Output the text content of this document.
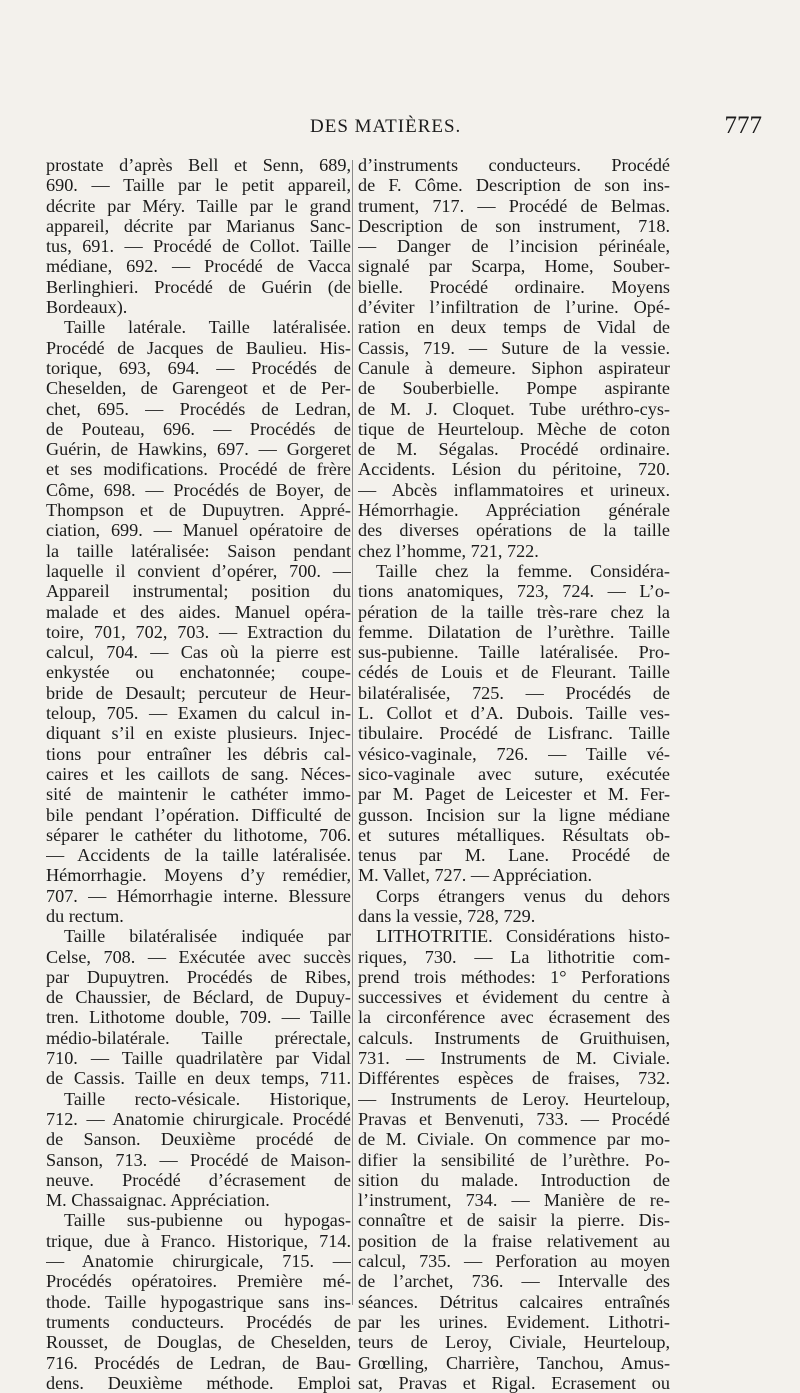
DES MATIÈRES.	777
prostate d’après Bell et Senn, 689,
690. — Taille par le petit appareil,
décrite par Méry. Taille par le grand
appareil, décrite par Marianus Sanc-
tus, 691. — Procédé de Collot. Taille
médiane, 692. — Procédé de Vacca
Berlinghieri. Procédé de Guérin (de
Bordeaux).
Taille latérale. Taille latéralisée.
Procédé de Jacques de Baulieu. His-
torique, 693, 694. — Procédés de
Cheselden, de Garengeot et de Per-
chet, 695. — Procédés de Ledran,
de Pouteau, 696. — Procédés de
Guérin, de Hawkins, 697. — Gorgeret
et ses modifications. Procédé de frère
Côme, 698. — Procédés de Boyer, de
Thompson et de Dupuytren. Appré-
ciation, 699. — Manuel opératoire de
la taille latéralisée: Saison pendant
laquelle il convient d’opérer, 700. —
Appareil instrumental; position du
malade et des aides. Manuel opéra-
toire, 701, 702, 703. — Extraction du
calcul, 704. — Cas où la pierre est
enkystée ou enchatonnée; coupe-
bride de Desault; percuteur de Heur-
teloup, 705. — Examen du calcul in-
diquant s’il en existe plusieurs. Injec-
tions pour entraîner les débris cal-
caires et les caillots de sang. Néces-
sité de maintenir le cathéter immo-
bile pendant l’opération. Difficulté de
séparer le cathéter du lithotome, 706.
— Accidents de la taille latéralisée.
Hémorrhagie. Moyens d’y remédier,
707. — Hémorrhagie interne. Blessure
du rectum.
Taille bilatéralisée indiquée par
Celse, 708. — Exécutée avec succès
par Dupuytren. Procédés de Ribes,
de Chaussier, de Béclard, de Dupuy-
tren. Lithotome double, 709. — Taille
médio-bilatérale. Taille prérectale,
710. — Taille quadrilatère par Vidal
de Cassis. Taille en deux temps, 711.
Taille recto-vésicale. Historique,
712. — Anatomie chirurgicale. Procédé
de Sanson. Deuxième procédé de
Sanson, 713. — Procédé de Maison-
neuve. Procédé d’écrasement de
M. Chassaignac. Appréciation.
Taille sus-pubienne ou hypogas-
trique, due à Franco. Historique, 714.
— Anatomie chirurgicale, 715. —
Procédés opératoires. Première mé-
thode. Taille hypogastrique sans ins-
truments conducteurs. Procédés de
Rousset, de Douglas, de Cheselden,
716. Procédés de Ledran, de Bau-
dens. Deuxième méthode. Emploi
d’instruments conducteurs. Procédé
de F. Côme. Description de son ins-
trument, 717. — Procédé de Belmas.
Description de son instrument, 718.
— Danger de l’incision périnéale,
signalé par Scarpa, Home, Souber-
bielle. Procédé ordinaire. Moyens
d’éviter l’infiltration de l’urine. Opé-
ration en deux temps de Vidal de
Cassis, 719. — Suture de la vessie.
Canule à demeure. Siphon aspirateur
de Souberbielle. Pompe aspirante
de M. J. Cloquet. Tube uréthro-cys-
tique de Heurteloup. Mèche de coton
de M. Ségalas. Procédé ordinaire.
Accidents. Lésion du péritoine, 720.
— Abcès inflammatoires et urineux.
Hémorrhagie. Appréciation générale
des diverses opérations de la taille
chez l’homme, 721, 722.
Taille chez la femme. Considéra-
tions anatomiques, 723, 724. — L’o-
pération de la taille très-rare chez la
femme. Dilatation de l’urèthre. Taille
sus-pubienne. Taille latéralisée. Pro-
cédés de Louis et de Fleurant. Taille
bilatéralisée, 725. — Procédés de
L. Collot et d’A. Dubois. Taille ves-
tibulaire. Procédé de Lisfranc. Taille
vésico-vaginale, 726. — Taille vé-
sico-vaginale avec suture, exécutée
par M. Paget de Leicester et M. Fer-
gusson. Incision sur la ligne médiane
et sutures métalliques. Résultats ob-
tenus par M. Lane. Procédé de
M. Vallet, 727. — Appréciation.
Corps étrangers venus du dehors
dans la vessie, 728, 729.
LITHOTRITIE. Considérations histo-
riques, 730. — La lithotritie com-
prend trois méthodes: 1° Perforations
successives et évidement du centre à
la circonférence avec écrasement des
calculs. Instruments de Gruithuisen,
731. — Instruments de M. Civiale.
Différentes espèces de fraises, 732.
— Instruments de Leroy. Heurteloup,
Pravas et Benvenuti, 733. — Procédé
de M. Civiale. On commence par mo-
difier la sensibilité de l’urèthre. Po-
sition du malade. Introduction de
l’instrument, 734. — Manière de re-
connaître et de saisir la pierre. Dis-
position de la fraise relativement au
calcul, 735. — Perforation au moyen
de l’archet, 736. — Intervalle des
séances. Détritus calcaires entraînés
par les urines. Evidement. Lithotri-
teurs de Leroy, Civiale, Heurteloup,
Grœlling, Charrière, Tanchou, Amus-
sat, Pravas et Rigal. Ecrasement ou
